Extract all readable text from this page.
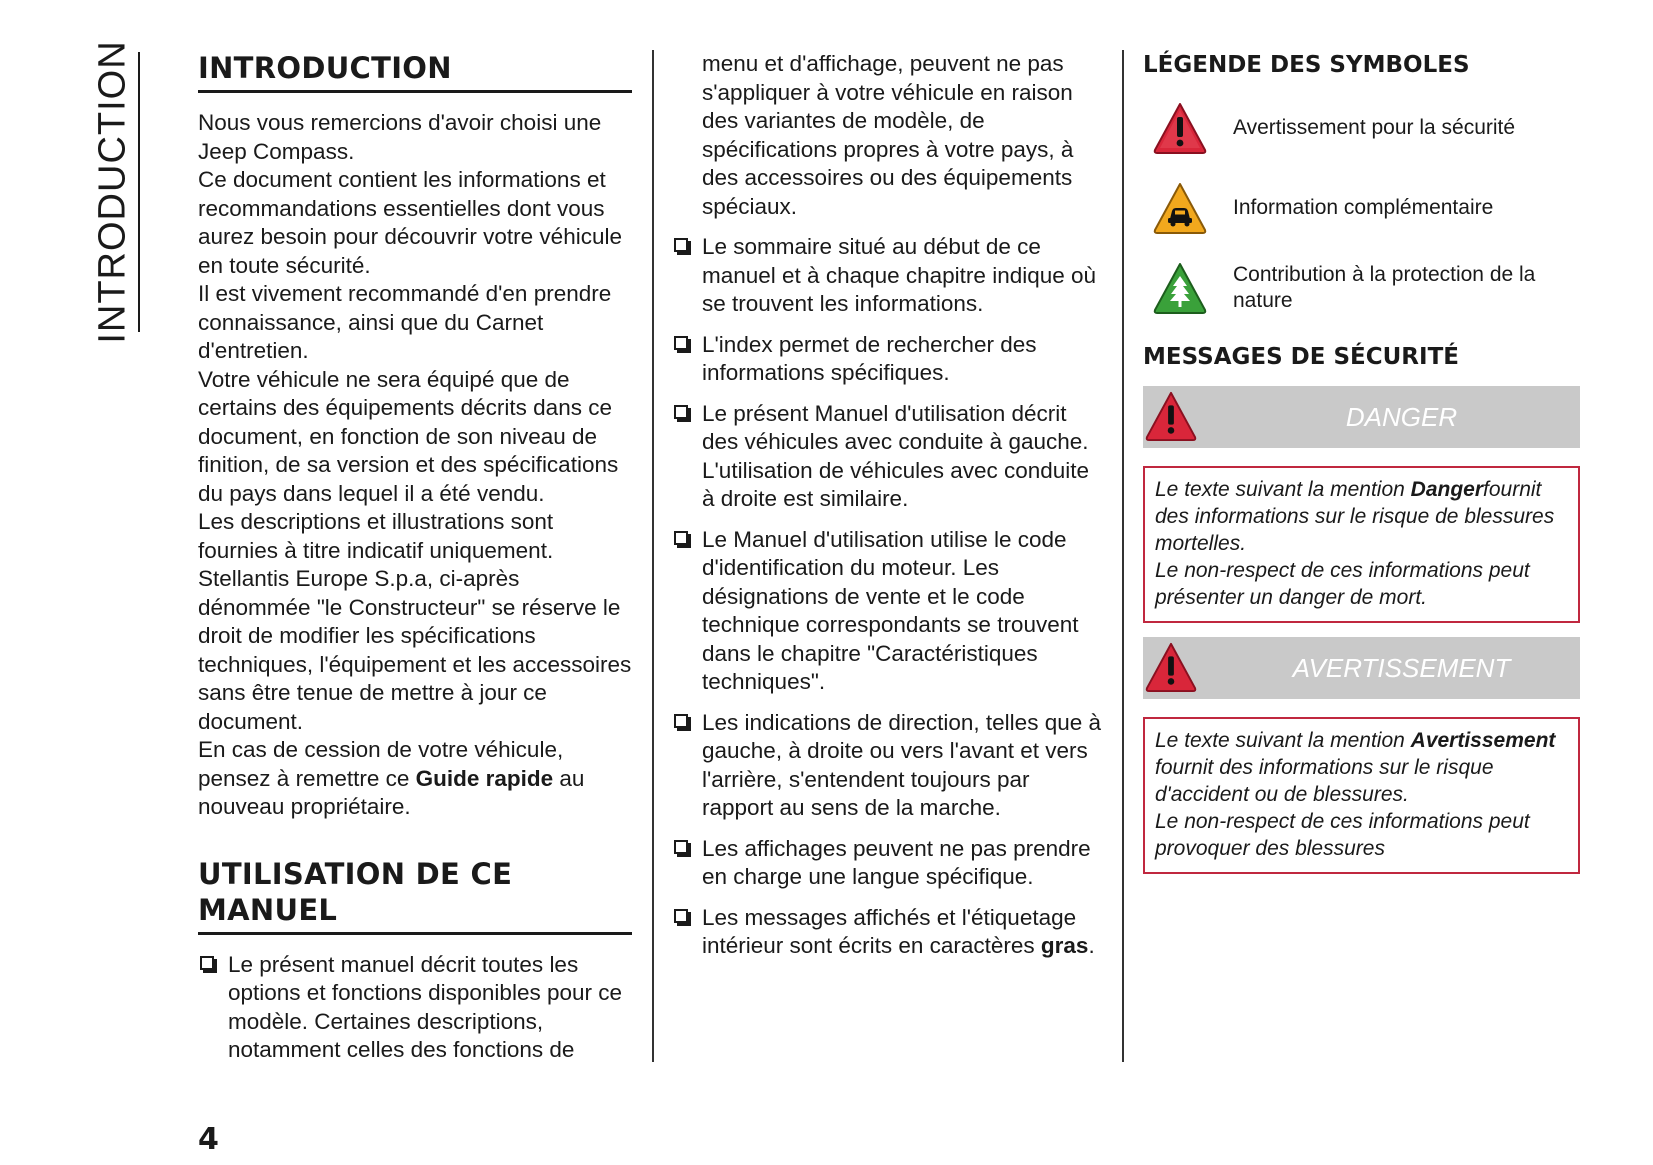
INTRODUCTION INTRODUCTION

Nous vous remercions d'avoir choisi une Jeep Compass.

Ce document contient les informations et recommandations essentielles dont vous aurez besoin pour découvrir votre véhicule en toute sécurité.

Il est vivement recommandé d'en prendre connaissance, ainsi que du Carnet d'entretien.

Votre véhicule ne sera équipé que de certains des équipements décrits dans ce document, en fonction de son niveau de finition, de sa version et des spécifications du pays dans lequel il a été vendu.

Les descriptions et illustrations sont fournies à titre indicatif uniquement.

Stellantis Europe S.p.a, ci-après dénommée "le Constructeur" se réserve le droit de modifier les spécifications techniques, l'équipement et les accessoires sans être tenue de mettre à jour ce document.

En cas de cession de votre véhicule, pensez à remettre ce Guide rapide au nouveau propriétaire.

UTILISATION DE CE MANUEL
Le présent manuel décrit toutes les options et fonctions disponibles pour ce modèle. Certaines descriptions, notamment celles des fonctions de

menu et d'affichage, peuvent ne pas s'appliquer à votre véhicule en raison des variantes de modèle, de spécifications propres à votre pays, à des accessoires ou des équipements spéciaux.

Le sommaire situé au début de ce manuel et à chaque chapitre indique où se trouvent les informations.
L'index permet de rechercher des informations spécifiques.
Le présent Manuel d'utilisation décrit des véhicules avec conduite à gauche. L'utilisation de véhicules avec conduite à droite est similaire.
Le Manuel d'utilisation utilise le code d'identification du moteur. Les désignations de vente et le code technique correspondants se trouvent dans le chapitre "Caractéristiques techniques".
Les indications de direction, telles que à gauche, à droite ou vers l'avant et vers l'arrière, s'entendent toujours par rapport au sens de la marche.
Les affichages peuvent ne pas prendre en charge une langue spécifique.
Les messages affichés et l'étiquetage intérieur sont écrits en caractères gras.
LÉGENDE DES SYMBOLES
Avertissement pour la sécurité
Information complémentaire
Contribution à la protection de la nature
MESSAGES DE SÉCURITÉ
DANGER
Le texte suivant la mention Dangerfournit des informations sur le risque de blessures mortelles.
Le non-respect de ces informations peut présenter un danger de mort.
AVERTISSEMENT
Le texte suivant la mention Avertissement fournit des informations sur le risque d'accident ou de blessures.
Le non-respect de ces informations peut provoquer des blessures
4
